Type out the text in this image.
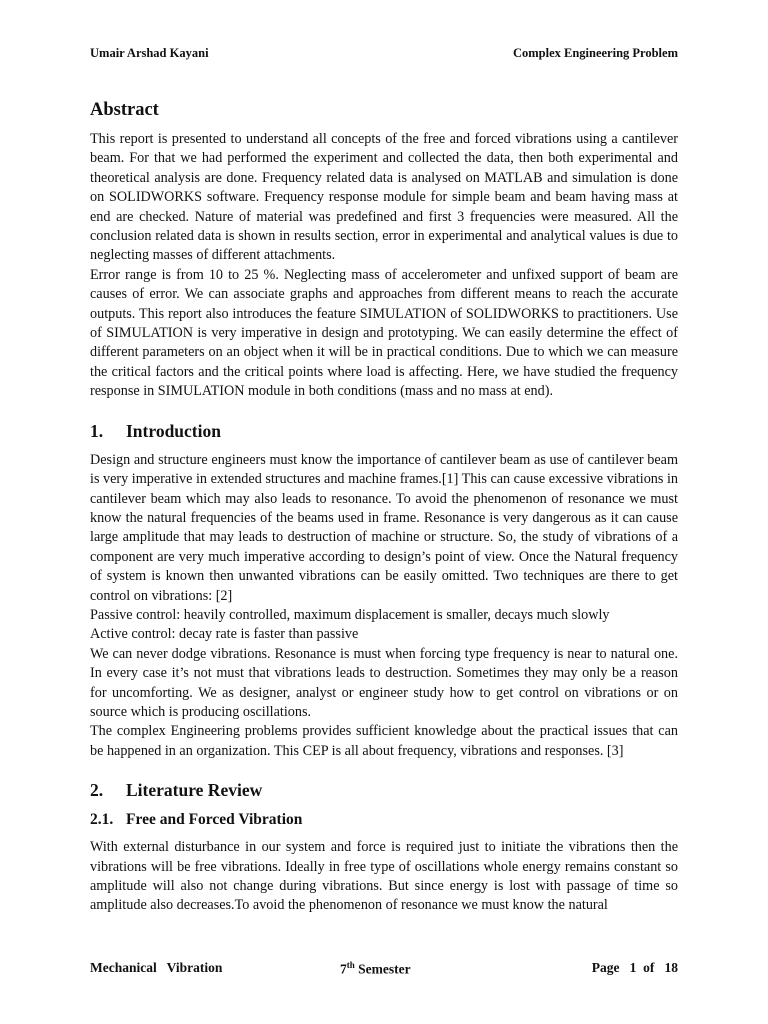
Umair Arshad Kayani	Complex Engineering Problem
Abstract

This report is presented to understand all concepts of the free and forced vibrations using a cantilever beam. For that we had performed the experiment and collected the data, then both experimental and theoretical analysis are done. Frequency related data is analysed on MATLAB and simulation is done on SOLIDWORKS software. Frequency response module for simple beam and beam having mass at end are checked. Nature of material was predefined and first 3 frequencies were measured. All the conclusion related data is shown in results section, error in experimental and analytical values is due to neglecting masses of different attachments.

Error range is from 10 to 25 %. Neglecting mass of accelerometer and unfixed support of beam are causes of error. We can associate graphs and approaches from different means to reach the accurate outputs. This report also introduces the feature SIMULATION of SOLIDWORKS to practitioners. Use of SIMULATION is very imperative in design and prototyping. We can easily determine the effect of different parameters on an object when it will be in practical conditions. Due to which we can measure the critical factors and the critical points where load is affecting. Here, we have studied the frequency response in SIMULATION module in both conditions (mass and no mass at end).

1. Introduction

Design and structure engineers must know the importance of cantilever beam as use of cantilever beam is very imperative in extended structures and machine frames.[1] This can cause excessive vibrations in cantilever beam which may also leads to resonance. To avoid the phenomenon of resonance we must know the natural frequencies of the beams used in frame. Resonance is very dangerous as it can cause large amplitude that may leads to destruction of machine or structure. So, the study of vibrations of a component are very much imperative according to design’s point of view. Once the Natural frequency of system is known then unwanted vibrations can be easily omitted. Two techniques are there to get control on vibrations: [2]

Passive control: heavily controlled, maximum displacement is smaller, decays much slowly

Active control: decay rate is faster than passive

We can never dodge vibrations. Resonance is must when forcing type frequency is near to natural one. In every case it’s not must that vibrations leads to destruction. Sometimes they may only be a reason for uncomforting. We as designer, analyst or engineer study how to get control on vibrations or on source which is producing oscillations.

The complex Engineering problems provides sufficient knowledge about the practical issues that can be happened in an organization. This CEP is all about frequency, vibrations and responses. [3]

2. Literature Review
2.1. Free and Forced Vibration

With external disturbance in our system and force is required just to initiate the vibrations then the vibrations will be free vibrations. Ideally in free type of oscillations whole energy remains constant so amplitude will also not change during vibrations. But since energy is lost with passage of time so amplitude also decreases.To avoid the phenomenon of resonance we must know the natural

Mechanical   Vibration	7th Semester	Page   1  of   18
